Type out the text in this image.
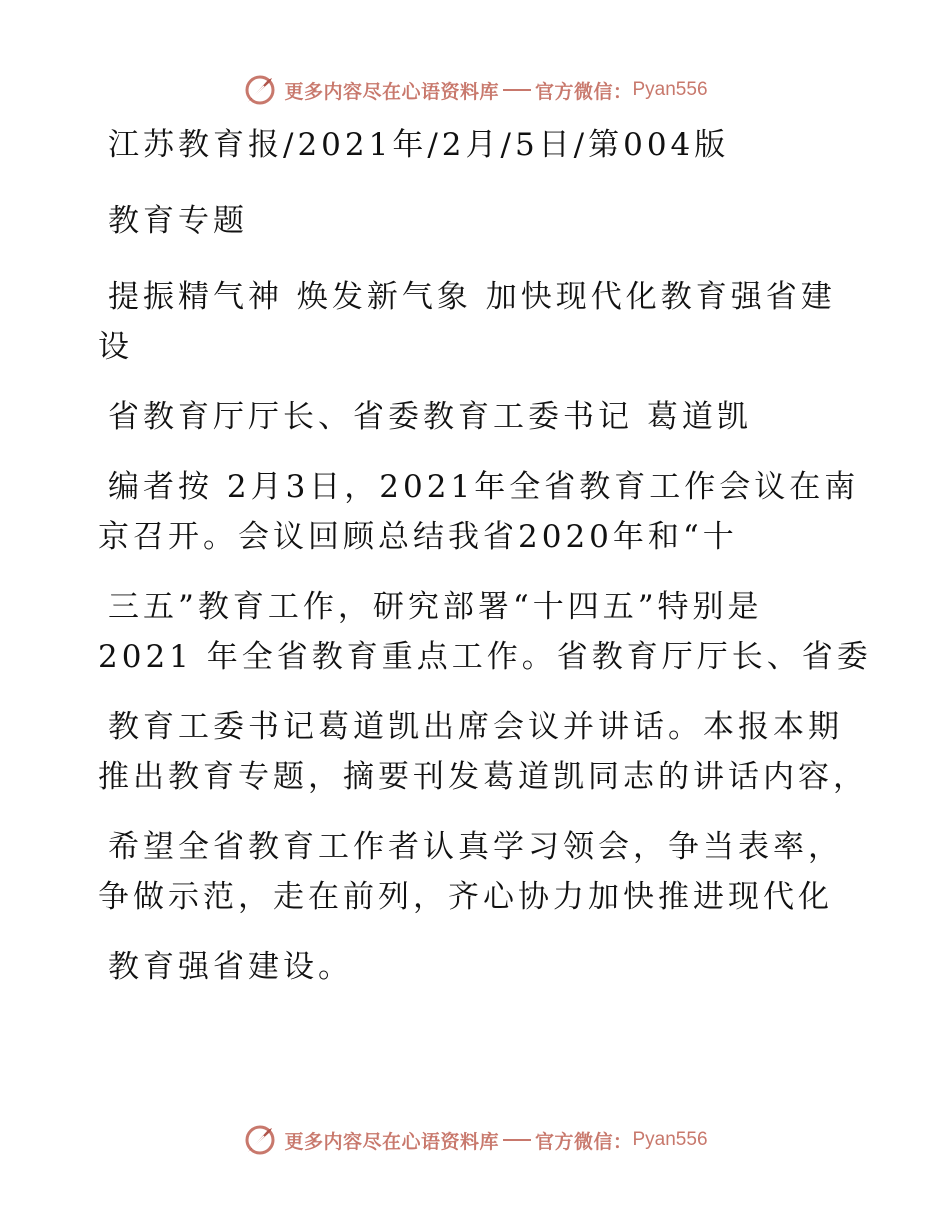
更多内容尽在心语资料库 官方微信： Pyan556
江苏教育报/2021年/2月/5日/第004版
教育专题
提振精气神 焕发新气象 加快现代化教育强省建
设
省教育厅厅长、省委教育工委书记 葛道凯
编者按 2月3日，2021年全省教育工作会议在南
京召开。会议回顾总结我省2020年和“十
三五”教育工作，研究部署“十四五”特别是
2021 年全省教育重点工作。省教育厅厅长、省委
教育工委书记葛道凯出席会议并讲话。本报本期
推出教育专题，摘要刊发葛道凯同志的讲话内容，
希望全省教育工作者认真学习领会，争当表率，
争做示范，走在前列，齐心协力加快推进现代化
教育强省建设。
更多内容尽在心语资料库 官方微信： Pyan556
